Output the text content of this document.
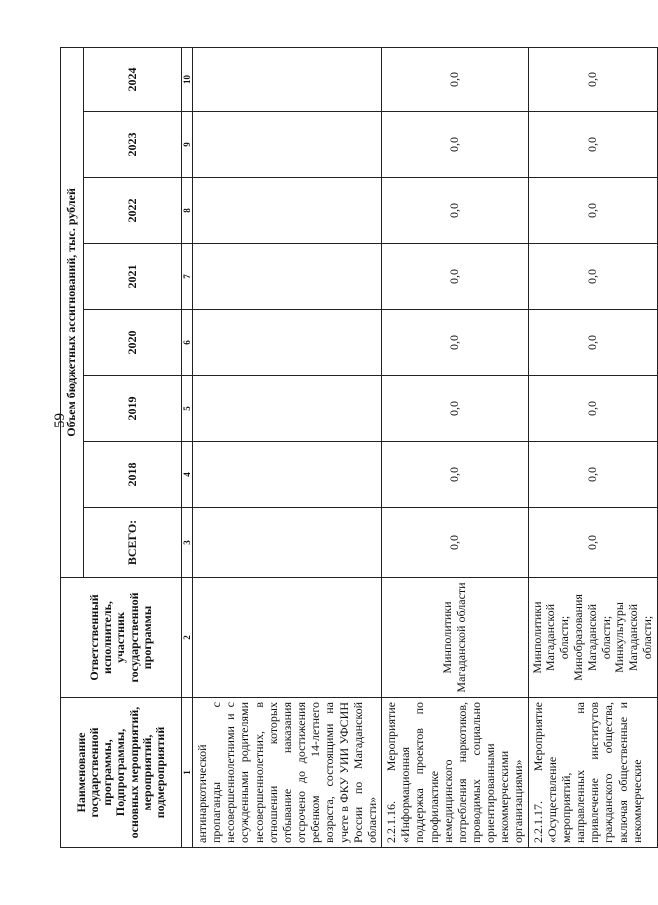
59
Наименование государственной программы, Подпрограммы, основных мероприятий, мероприятий, подмероприятий	Ответственный исполнитель, участник государственной программы	Объем бюджетных ассигнований, тыс. рублей							
		ВСЕГО:	2018	2019	2020	2021	2022	2023	2024
1	2	3	4	5	6	7	8	9	10
антинаркотической пропаганды с несовершеннолетними и с осужденными родителями несовершеннолетних, в отношении которых отбывание наказания отсрочено до достижения ребенком 14-летнего возраста, состоящими на учете в ФКУ УИИ УФСИН России по Магаданской области»									
2.2.1.16. Мероприятие «Информационная поддержка проектов по профилактике немедицинского потребления наркотиков, проводимых социально ориентированными некоммерческими организациями»	Минполитики Магаданской области	0,0	0,0	0,0	0,0	0,0	0,0	0,0	0,0
2.2.1.17. Мероприятие «Осуществление мероприятий, направленных на привлечение институтов гражданского общества, включая общественные и некоммерческие	Минполитики Магаданской области; Минобразования Магаданской области; Минкультуры Магаданской области;	0,0	0,0	0,0	0,0	0,0	0,0	0,0	0,0
